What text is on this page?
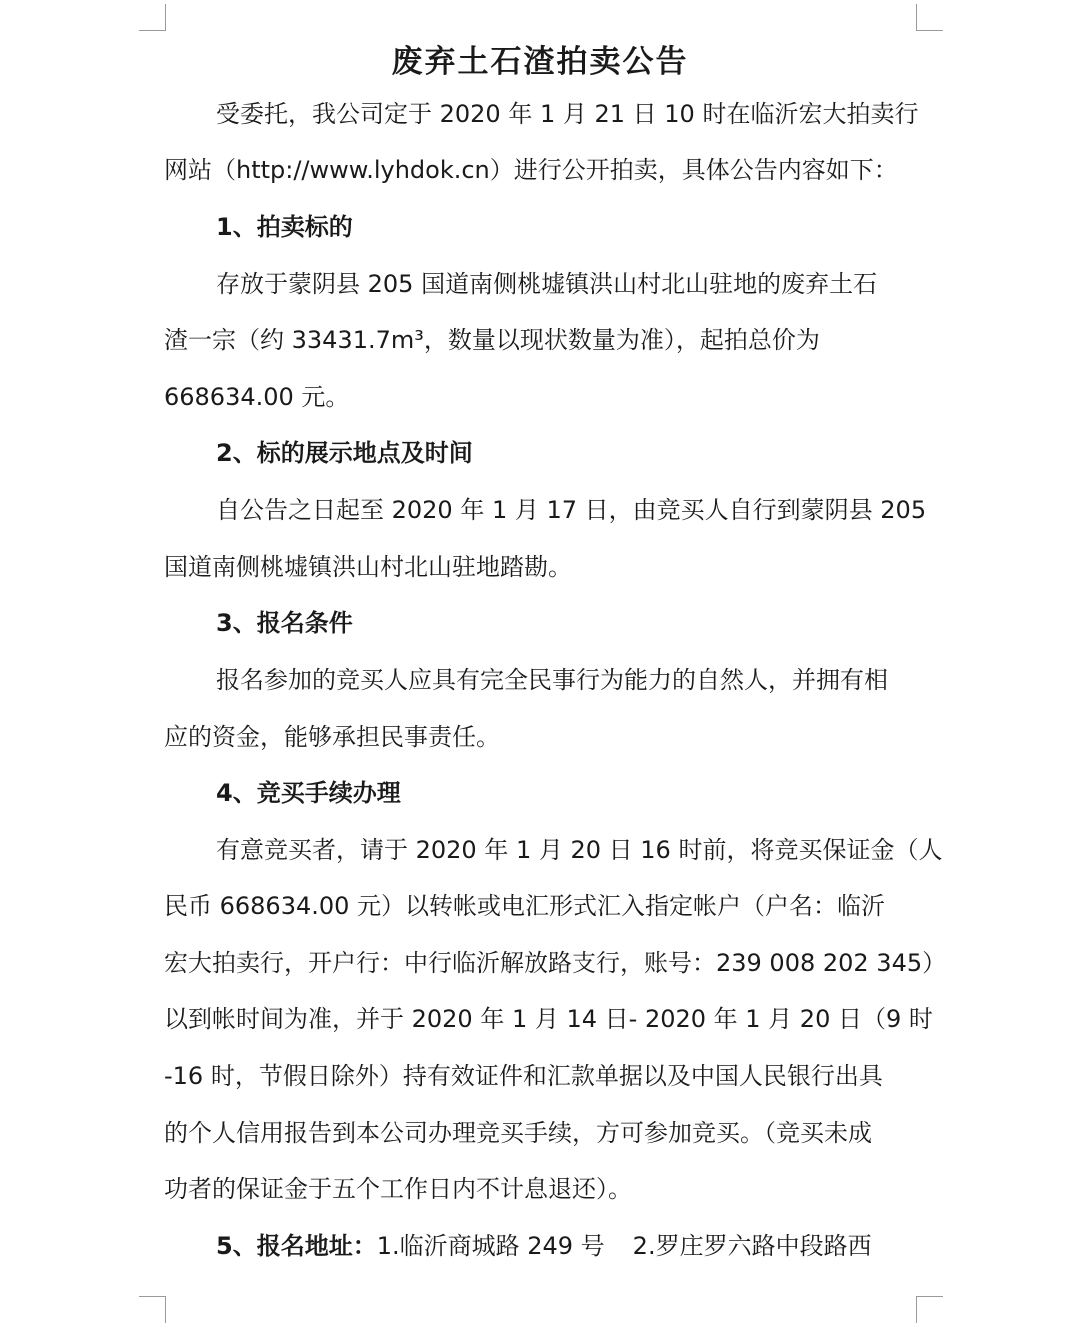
废弃土石渣拍卖公告
受委托，我公司定于 2020 年 1 月 21 日 10 时在临沂宏大拍卖行
网站（http://www.lyhdok.cn）进行公开拍卖，具体公告内容如下：
1、拍卖标的
存放于蒙阴县 205 国道南侧桃墟镇洪山村北山驻地的废弃土石
渣一宗（约 33431.7m³，数量以现状数量为准），起拍总价为
668634.00 元。
2、标的展示地点及时间
自公告之日起至 2020 年 1 月 17 日，由竞买人自行到蒙阴县 205
国道南侧桃墟镇洪山村北山驻地踏勘。
3、报名条件
报名参加的竞买人应具有完全民事行为能力的自然人，并拥有相
应的资金，能够承担民事责任。
4、竞买手续办理
有意竞买者，请于 2020 年 1 月 20 日 16 时前，将竞买保证金（人
民币 668634.00 元）以转帐或电汇形式汇入指定帐户（户名：临沂
宏大拍卖行，开户行：中行临沂解放路支行，账号：239 008 202 345）
以到帐时间为准，并于 2020 年 1 月 14 日- 2020 年 1 月 20 日（9 时
-16 时，节假日除外）持有效证件和汇款单据以及中国人民银行出具
的个人信用报告到本公司办理竞买手续，方可参加竞买。（竞买未成
功者的保证金于五个工作日内不计息退还）。
5、报名地址：1.临沂商城路 249 号 2.罗庄罗六路中段路西
